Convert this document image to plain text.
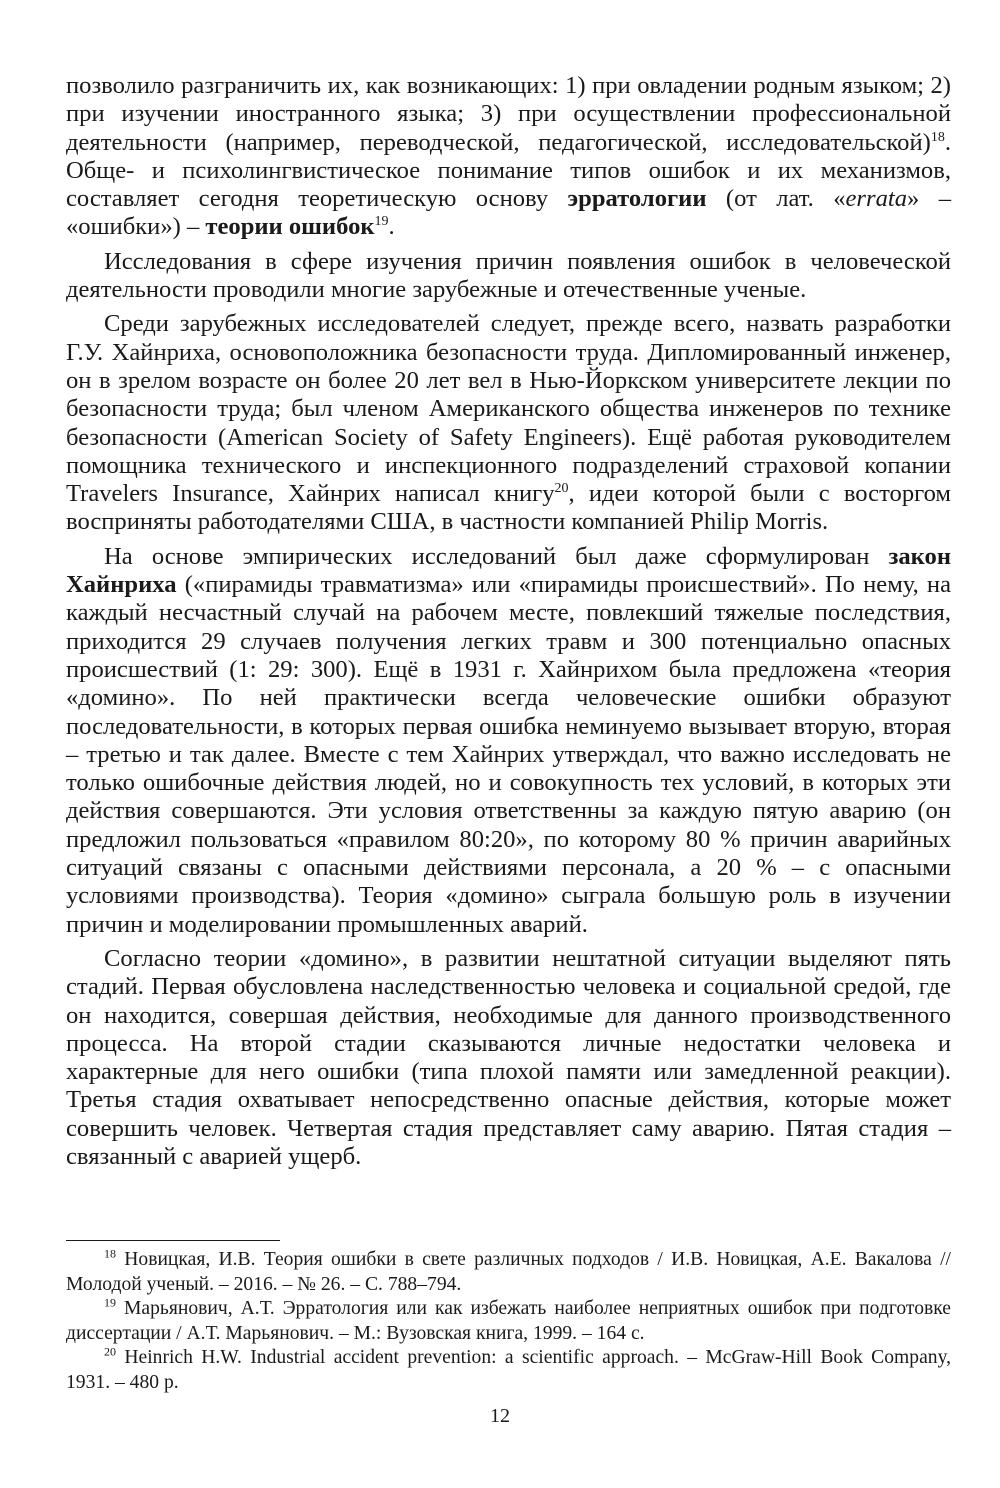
позволило разграничить их, как возникающих: 1) при овладении родным языком; 2) при изучении иностранного языка; 3) при осуществлении профессиональной деятельности (например, переводческой, педагогической, исследовательской)$^{18}$. Обще- и психолингвистическое понимание типов ошибок и их механизмов, составляет сегодня теоретическую основу эрратологии (от лат. «errata» – «ошибки») – теории ошибок$^{19}$.

Исследования в сфере изучения причин появления ошибок в человеческой деятельности проводили многие зарубежные и отечественные ученые.

Среди зарубежных исследователей следует, прежде всего, назвать разработки Г.У. Хайнриха, основоположника безопасности труда. Дипломированный инженер, он в зрелом возрасте он более 20 лет вел в Нью-Йоркском университете лекции по безопасности труда; был членом Американского общества инженеров по технике безопасности (American Society of Safety Engineers). Ещё работая руководителем помощника технического и инспекционного подразделений страховой копании Travelers Insurance, Хайнрих написал книгу$^{20}$, идеи которой были с восторгом восприняты работодателями США, в частности компанией Philip Morris.

На основе эмпирических исследований был даже сформулирован закон Хайнриха («пирамиды травматизма» или «пирамиды происшествий». По нему, на каждый несчастный случай на рабочем месте, повлекший тяжелые последствия, приходится 29 случаев получения легких травм и 300 потенциально опасных происшествий (1: 29: 300). Ещё в 1931 г. Хайнрихом была предложена «теория «домино». По ней практически всегда человеческие ошибки образуют последовательности, в которых первая ошибка неминуемо вызывает вторую, вторая – третью и так далее. Вместе с тем Хайнрих утверждал, что важно исследовать не только ошибочные действия людей, но и совокупность тех условий, в которых эти действия совершаются. Эти условия ответственны за каждую пятую аварию (он предложил пользоваться «правилом 80:20», по которому 80 % причин аварийных ситуаций связаны с опасными действиями персонала, а 20 % – с опасными условиями производства). Теория «домино» сыграла большую роль в изучении причин и моделировании промышленных аварий.

Согласно теории «домино», в развитии нештатной ситуации выделяют пять стадий. Первая обусловлена наследственностью человека и социальной средой, где он находится, совершая действия, необходимые для данного производственного процесса. На второй стадии сказываются личные недостатки человека и характерные для него ошибки (типа плохой памяти или замедленной реакции). Третья стадия охватывает непосредственно опасные действия, которые может совершить человек. Четвертая стадия представляет саму аварию. Пятая стадия – связанный с аварией ущерб.

$^{18}$ Новицкая, И.В. Теория ошибки в свете различных подходов / И.В. Новицкая, А.Е. Вакалова // Молодой ученый. – 2016. – № 26. – С. 788–794.

$^{19}$ Марьянович, А.Т. Эрратология или как избежать наиболее неприятных ошибок при подготовке диссертации / А.Т. Марьянович. – М.: Вузовская книга, 1999. – 164 с.

$^{20}$ Heinrich H.W. Industrial accident prevention: a scientific approach. – McGraw-Hill Book Company, 1931. – 480 p.

12
